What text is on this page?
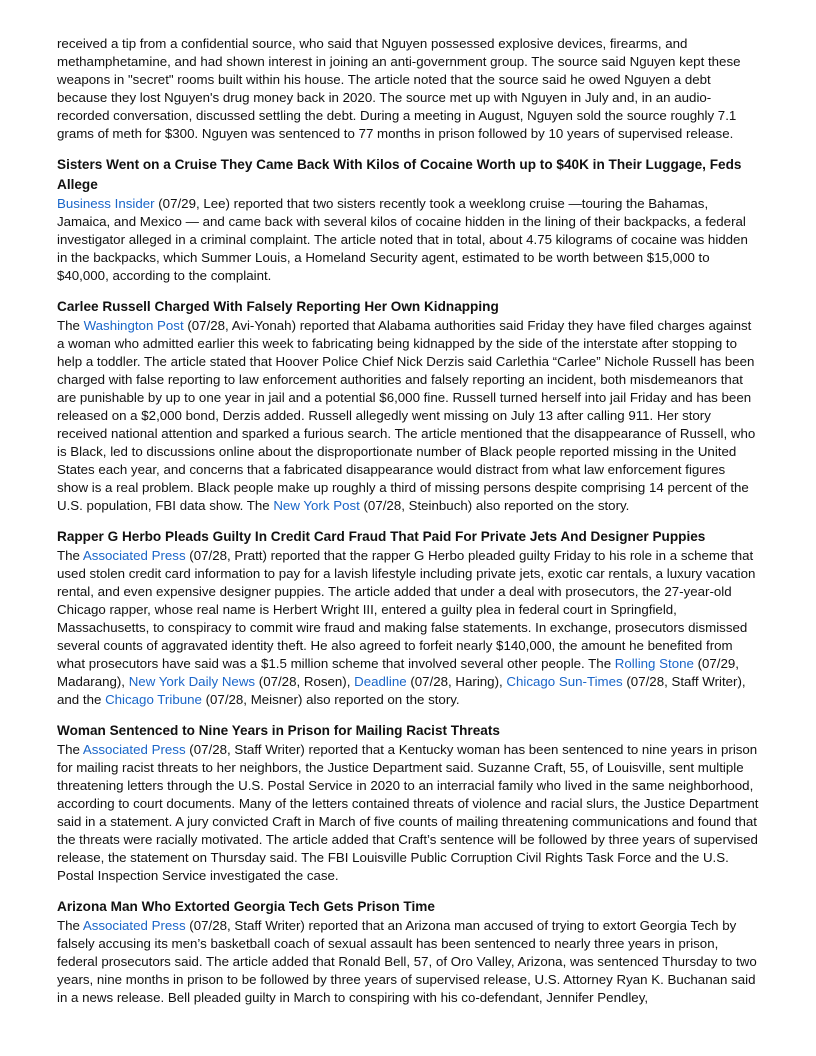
received a tip from a confidential source, who said that Nguyen possessed explosive devices, firearms, and methamphetamine, and had shown interest in joining an anti-government group. The source said Nguyen kept these weapons in "secret" rooms built within his house. The article noted that the source said he owed Nguyen a debt because they lost Nguyen's drug money back in 2020. The source met up with Nguyen in July and, in an audio-recorded conversation, discussed settling the debt. During a meeting in August, Nguyen sold the source roughly 7.1 grams of meth for $300. Nguyen was sentenced to 77 months in prison followed by 10 years of supervised release.

Sisters Went on a Cruise They Came Back With Kilos of Cocaine Worth up to $40K in Their Luggage, Feds Allege

Business Insider (07/29, Lee) reported that two sisters recently took a weeklong cruise —touring the Bahamas, Jamaica, and Mexico — and came back with several kilos of cocaine hidden in the lining of their backpacks, a federal investigator alleged in a criminal complaint. The article noted that in total, about 4.75 kilograms of cocaine was hidden in the backpacks, which Summer Louis, a Homeland Security agent, estimated to be worth between $15,000 to $40,000, according to the complaint.

Carlee Russell Charged With Falsely Reporting Her Own Kidnapping

The Washington Post (07/28, Avi-Yonah) reported that Alabama authorities said Friday they have filed charges against a woman who admitted earlier this week to fabricating being kidnapped by the side of the interstate after stopping to help a toddler. The article stated that Hoover Police Chief Nick Derzis said Carlethia “Carlee” Nichole Russell has been charged with false reporting to law enforcement authorities and falsely reporting an incident, both misdemeanors that are punishable by up to one year in jail and a potential $6,000 fine. Russell turned herself into jail Friday and has been released on a $2,000 bond, Derzis added. Russell allegedly went missing on July 13 after calling 911. Her story received national attention and sparked a furious search. The article mentioned that the disappearance of Russell, who is Black, led to discussions online about the disproportionate number of Black people reported missing in the United States each year, and concerns that a fabricated disappearance would distract from what law enforcement figures show is a real problem. Black people make up roughly a third of missing persons despite comprising 14 percent of the U.S. population, FBI data show. The New York Post (07/28, Steinbuch) also reported on the story.

Rapper G Herbo Pleads Guilty In Credit Card Fraud That Paid For Private Jets And Designer Puppies

The Associated Press (07/28, Pratt) reported that the rapper G Herbo pleaded guilty Friday to his role in a scheme that used stolen credit card information to pay for a lavish lifestyle including private jets, exotic car rentals, a luxury vacation rental, and even expensive designer puppies. The article added that under a deal with prosecutors, the 27-year-old Chicago rapper, whose real name is Herbert Wright III, entered a guilty plea in federal court in Springfield, Massachusetts, to conspiracy to commit wire fraud and making false statements. In exchange, prosecutors dismissed several counts of aggravated identity theft. He also agreed to forfeit nearly $140,000, the amount he benefited from what prosecutors have said was a $1.5 million scheme that involved several other people. The Rolling Stone (07/29, Madarang), New York Daily News (07/28, Rosen), Deadline (07/28, Haring), Chicago Sun-Times (07/28, Staff Writer), and the Chicago Tribune (07/28, Meisner) also reported on the story.

Woman Sentenced to Nine Years in Prison for Mailing Racist Threats

The Associated Press (07/28, Staff Writer) reported that a Kentucky woman has been sentenced to nine years in prison for mailing racist threats to her neighbors, the Justice Department said. Suzanne Craft, 55, of Louisville, sent multiple threatening letters through the U.S. Postal Service in 2020 to an interracial family who lived in the same neighborhood, according to court documents. Many of the letters contained threats of violence and racial slurs, the Justice Department said in a statement. A jury convicted Craft in March of five counts of mailing threatening communications and found that the threats were racially motivated. The article added that Craft’s sentence will be followed by three years of supervised release, the statement on Thursday said. The FBI Louisville Public Corruption Civil Rights Task Force and the U.S. Postal Inspection Service investigated the case.

Arizona Man Who Extorted Georgia Tech Gets Prison Time

The Associated Press (07/28, Staff Writer) reported that an Arizona man accused of trying to extort Georgia Tech by falsely accusing its men’s basketball coach of sexual assault has been sentenced to nearly three years in prison, federal prosecutors said. The article added that Ronald Bell, 57, of Oro Valley, Arizona, was sentenced Thursday to two years, nine months in prison to be followed by three years of supervised release, U.S. Attorney Ryan K. Buchanan said in a news release. Bell pleaded guilty in March to conspiring with his co-defendant, Jennifer Pendley,
